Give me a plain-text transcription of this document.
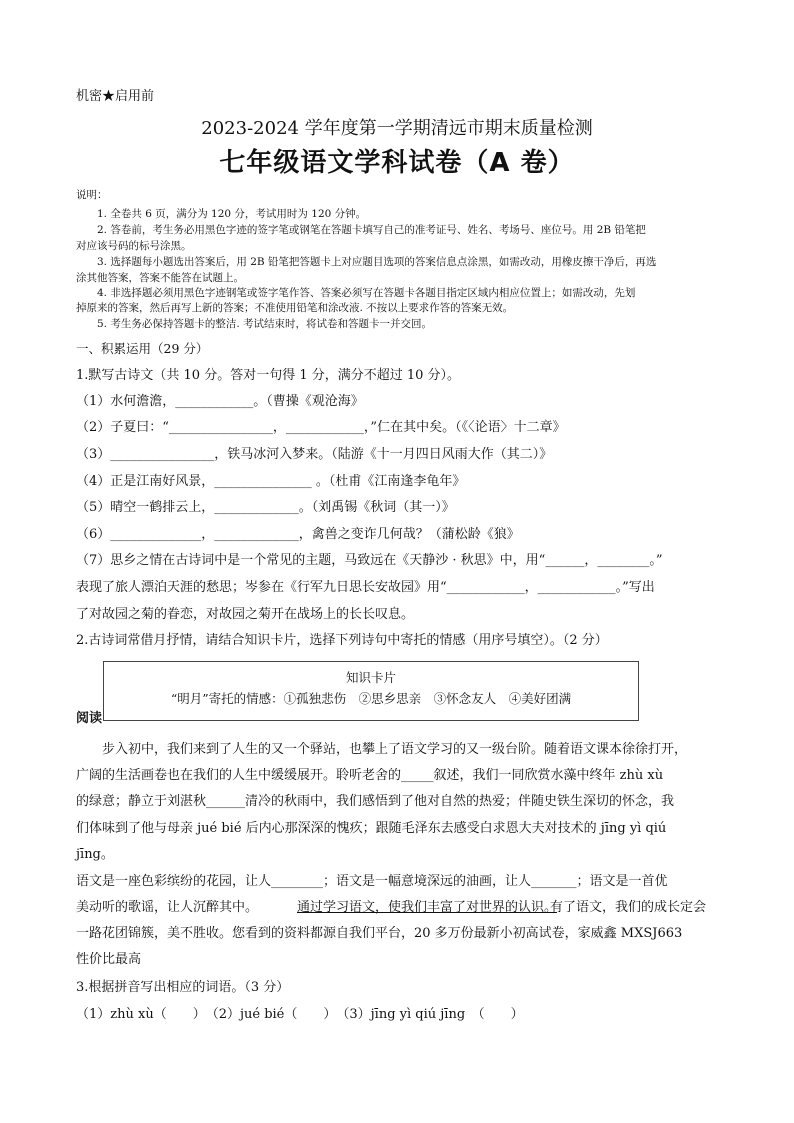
机密★启用前
2023-2024 学年度第一学期清远市期末质量检测
七年级语文学科试卷（A 卷）
说明：
1. 全卷共 6 页，满分为 120 分，考试用时为 120 分钟。
2. 答卷前，考生务必用黑色字迹的签字笔或钢笔在答题卡填写自己的准考证号、姓名、考场号、座位号。用 2B 铅笔把
对应该号码的标号涂黑。
3. 选择题每小题选出答案后，用 2B 铅笔把答题卡上对应题目选项的答案信息点涂黑，如需改动，用橡皮擦干净后，再选
涂其他答案，答案不能答在试题上。
4. 非选择题必须用黑色字迹钢笔或签字笔作答、答案必须写在答题卡各题目指定区域内相应位置上；如需改动，先划
掉原来的答案，然后再写上新的答案；不准使用铅笔和涂改液. 不按以上要求作答的答案无效。
5. 考生务必保持答题卡的整洁. 考试结束时，将试卷和答题卡一并交回。
一、积累运用（29 分）
1.默写古诗文（共 10 分。答对一句得 1 分，满分不超过 10 分）。
（1）水何澹澹，____________。（曹操《观沧海》
（2）子夏曰：“________________，____________，”仁在其中矣。（《〈论语〉十二章》
（3）________________，铁马冰河入梦来。（陆游《十一月四日风雨大作（其二）》
（4）正是江南好风景，_______________ 。（杜甫《江南逢李龟年》
（5）晴空一鹤排云上，_____________。（刘禹锡《秋词（其一）》
（6）______________，_____________，禽兽之变诈几何哉？（蒲松龄《狼》
（7）思乡之情在古诗词中是一个常见的主题，马致远在《天静沙 · 秋思》中，用“______，________。”
表现了旅人漂泊天涯的愁思；岑参在《行军九日思长安故园》用“____________，____________。”写出
了对故园之菊的眷恋，对故园之菊开在战场上的长长叹息。
2.古诗词常借月抒情，请结合知识卡片，选择下列诗句中寄托的情感（用序号填空）。（2 分）
阅读
知识卡片
“明月”寄托的情感：①孤独悲伤　②思乡思亲　③怀念友人　④美好团满
　　步入初中，我们来到了人生的又一个驿站，也攀上了语文学习的又一级台阶。随着语文课本徐徐打开，
广阔的生活画卷也在我们的人生中缓缓展开。聆听老舍的_____叙述，我们一同欣赏水藻中终年 zhù xù
的绿意；静立于刘湛秋______清冷的秋雨中，我们感悟到了他对自然的热爱；伴随史铁生深切的怀念，我
们体味到了他与母亲 jué bié 后内心那深深的愧疚；跟随毛泽东去感受白求恩大夫对技术的 jīng yì qiú
jīng。
语文是一座色彩缤纷的花园，让人________；语文是一幅意境深远的油画，让人_______；语文是一首优
美动听的歌谣，让人沉醉其中。	通过学习语文，使我们丰富了对世界的认识。
有了语文，我们的成长定会
一路花团锦簇，美不胜收。您看到的资料都源自我们平台，20 多万份最新小初高试卷，家威鑫 MXSJ663
性价比最高
3.根据拼音写出相应的词语。（3 分）
（1）zhù xù（　　）　（2）jué bié（　　）　（3）jīng yì qiú jīng　（　　）
